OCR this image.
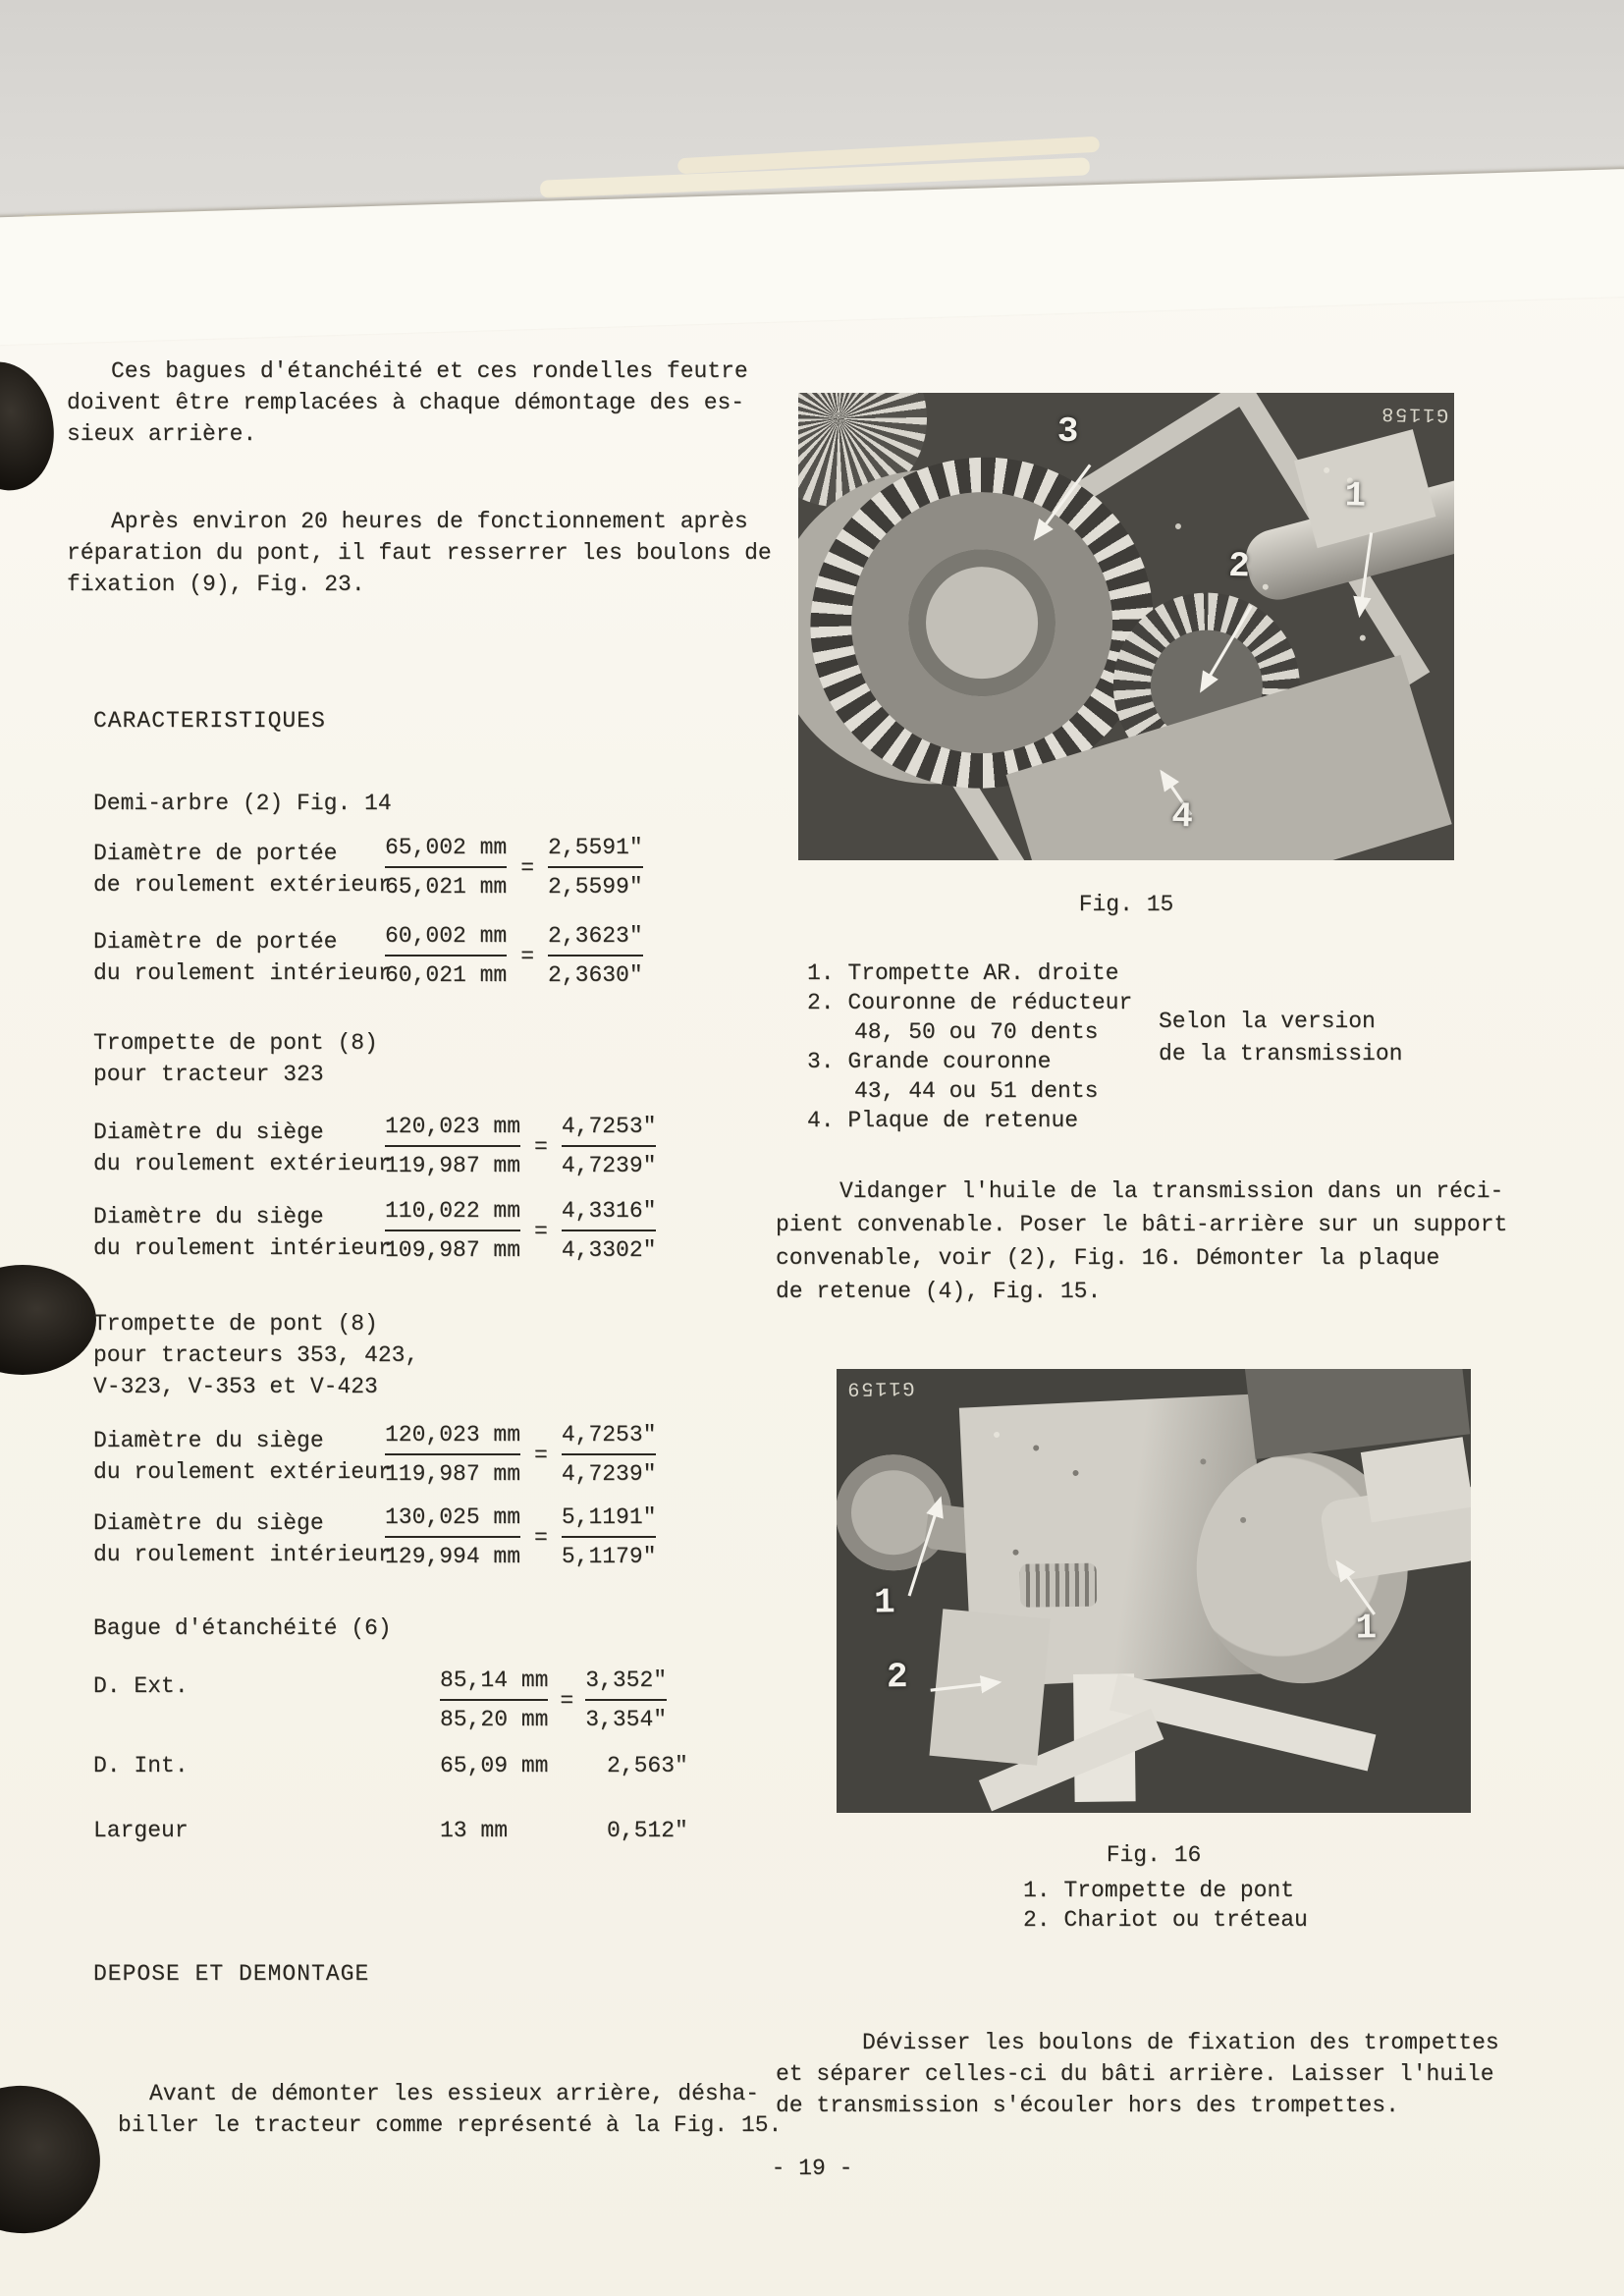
Ces bagues d'étanchéité et ces rondelles feutre
doivent être remplacées à chaque démontage des es-
sieux arrière.
Après environ 20 heures de fonctionnement après
réparation du pont, il faut resserrer les boulons de
fixation (9), Fig. 23.
CARACTERISTIQUES
Demi-arbre (2) Fig. 14
Diamètre de portée
de roulement extérieur
$\frac{65,002 mm}{65,021 mm} = \frac{2,5591"}{2,5599"}$
Diamètre de portée
du roulement intérieur
$\frac{60,002 mm}{60,021 mm} = \frac{2,3623"}{2,3630"}$
Trompette de pont (8)
pour tracteur 323
Diamètre du siège
du roulement extérieur
$\frac{120,023 mm}{119,987 mm} = \frac{4,7253"}{4,7239"}$
Diamètre du siège
du roulement intérieur
$\frac{110,022 mm}{109,987 mm} = \frac{4,3316"}{4,3302"}$
Trompette de pont (8)
pour tracteurs 353, 423,
V-323, V-353 et V-423
Diamètre du siège
du roulement extérieur
$\frac{120,023 mm}{119,987 mm} = \frac{4,7253"}{4,7239"}$
Diamètre du siège
du roulement intérieur
$\frac{130,025 mm}{129,994 mm} = \frac{5,1191"}{5,1179"}$
Bague d'étanchéité (6)
D. Ext.	$\frac{85,14 mm}{85,20 mm} = \frac{3,352"}{3,354"}$
D. Int.	65,09 mm	2,563"
Largeur	13 mm	0,512"
DEPOSE ET DEMONTAGE
Avant de démonter les essieux arrière, désha-
biller le tracteur comme représenté à la Fig. 15.
G1158
3
1
2
4
Fig. 15
1. Trompette AR. droite
2. Couronne de réducteur
48, 50 ou 70 dents
3. Grande couronne
43, 44 ou 51 dents
4. Plaque de retenue
Selon la version
de la transmission
Vidanger l'huile de la transmission dans un réci-
pient convenable. Poser le bâti-arrière sur un support
convenable, voir (2), Fig. 16. Démonter la plaque
de retenue (4), Fig. 15.
G1159
1
2
1
Fig. 16
1. Trompette de pont
2. Chariot ou tréteau
Dévisser les boulons de fixation des trompettes
et séparer celles-ci du bâti arrière. Laisser l'huile
de transmission s'écouler hors des trompettes.
- 19 -
